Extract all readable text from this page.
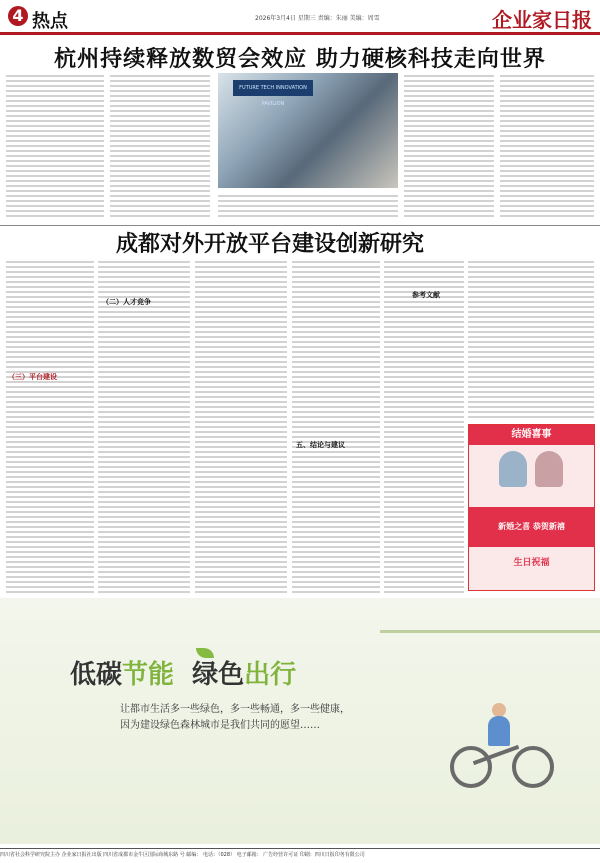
4 热点	2026年3月4日 星期三 责编：朱丽 美编：周雪	企业家日报
杭州持续释放数贸会效应 助力硬核科技走向世界
FUTURE TECH INNOVATION PAVILION
成都对外开放平台建设创新研究
（三）平台建设
（二）人才竞争
五、结论与建议
参考文献
结婚喜事
新婚之喜 恭贺新禧
生日祝福
低碳节能 绿色出行
让都市生活多一些绿色，多一些畅通，多一些健康，
因为建设绿色森林城市是我们共同的愿望……
四川省社会科学研究院主办 企业家日报社出版 四川省成都市金牛区国际商城东路 号 邮编： 电话：（028） 电子邮箱： 广告经营许可证 印刷：四川日报印务有限公司
